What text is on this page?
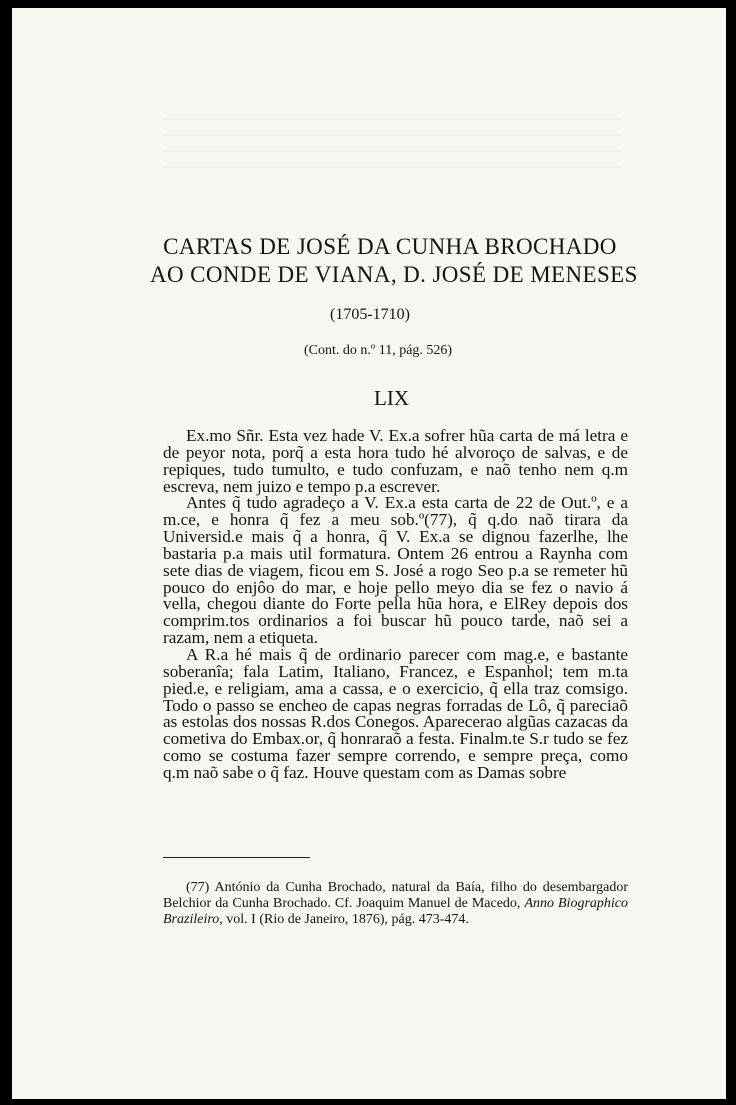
CARTAS DE JOSÉ DA CUNHA BROCHADO
AO CONDE DE VIANA, D. JOSÉ DE MENESES
(1705-1710)
(Cont. do n.º 11, pág. 526)
LIX

Ex.mo Sñr. Esta vez hade V. Ex.a sofrer hũa carta de má letra e de peyor nota, porq̃ a esta hora tudo hé alvoroço de salvas, e de repiques, tudo tumulto, e tudo confuzam, e naõ tenho nem q.m escreva, nem juizo e tempo p.a escrever.

Antes q̃ tudo agradeço a V. Ex.a esta carta de 22 de Out.º, e a m.ce, e honra q̃ fez a meu sob.º(77), q̃ q.do naõ tirara da Universid.e mais q̃ a honra, q̃ V. Ex.a se dignou fazerlhe, lhe bastaria p.a mais util formatura. Ontem 26 entrou a Raynha com sete dias de viagem, ficou em S. José a rogo Seo p.a se remeter hũ pouco do enjôo do mar, e hoje pello meyo dia se fez o navio á vella, chegou diante do Forte pella hũa hora, e ElRey depois dos comprim.tos ordinarios a foi buscar hũ pouco tarde, naõ sei a razam, nem a etiqueta.

A R.a hé mais q̃ de ordinario parecer com mag.e, e bastante soberanîa; fala Latim, Italiano, Francez, e Espanhol; tem m.ta pied.e, e religiam, ama a cassa, e o exercicio, q̃ ella traz comsigo. Todo o passo se encheo de capas negras forradas de Lô, q̃ pareciaõ as estolas dos nossas R.dos Conegos. Aparecerao algũas cazacas da cometiva do Embax.or, q̃ honraraõ a festa. Finalm.te S.r tudo se fez como se costuma fazer sempre correndo, e sempre preça, como q.m naõ sabe o q̃ faz. Houve questam com as Damas sobre

(77) António da Cunha Brochado, natural da Baía, filho do desembargador Belchior da Cunha Brochado. Cf. Joaquim Manuel de Macedo, Anno Biographico Brazileiro, vol. I (Rio de Janeiro, 1876), pág. 473-474.
